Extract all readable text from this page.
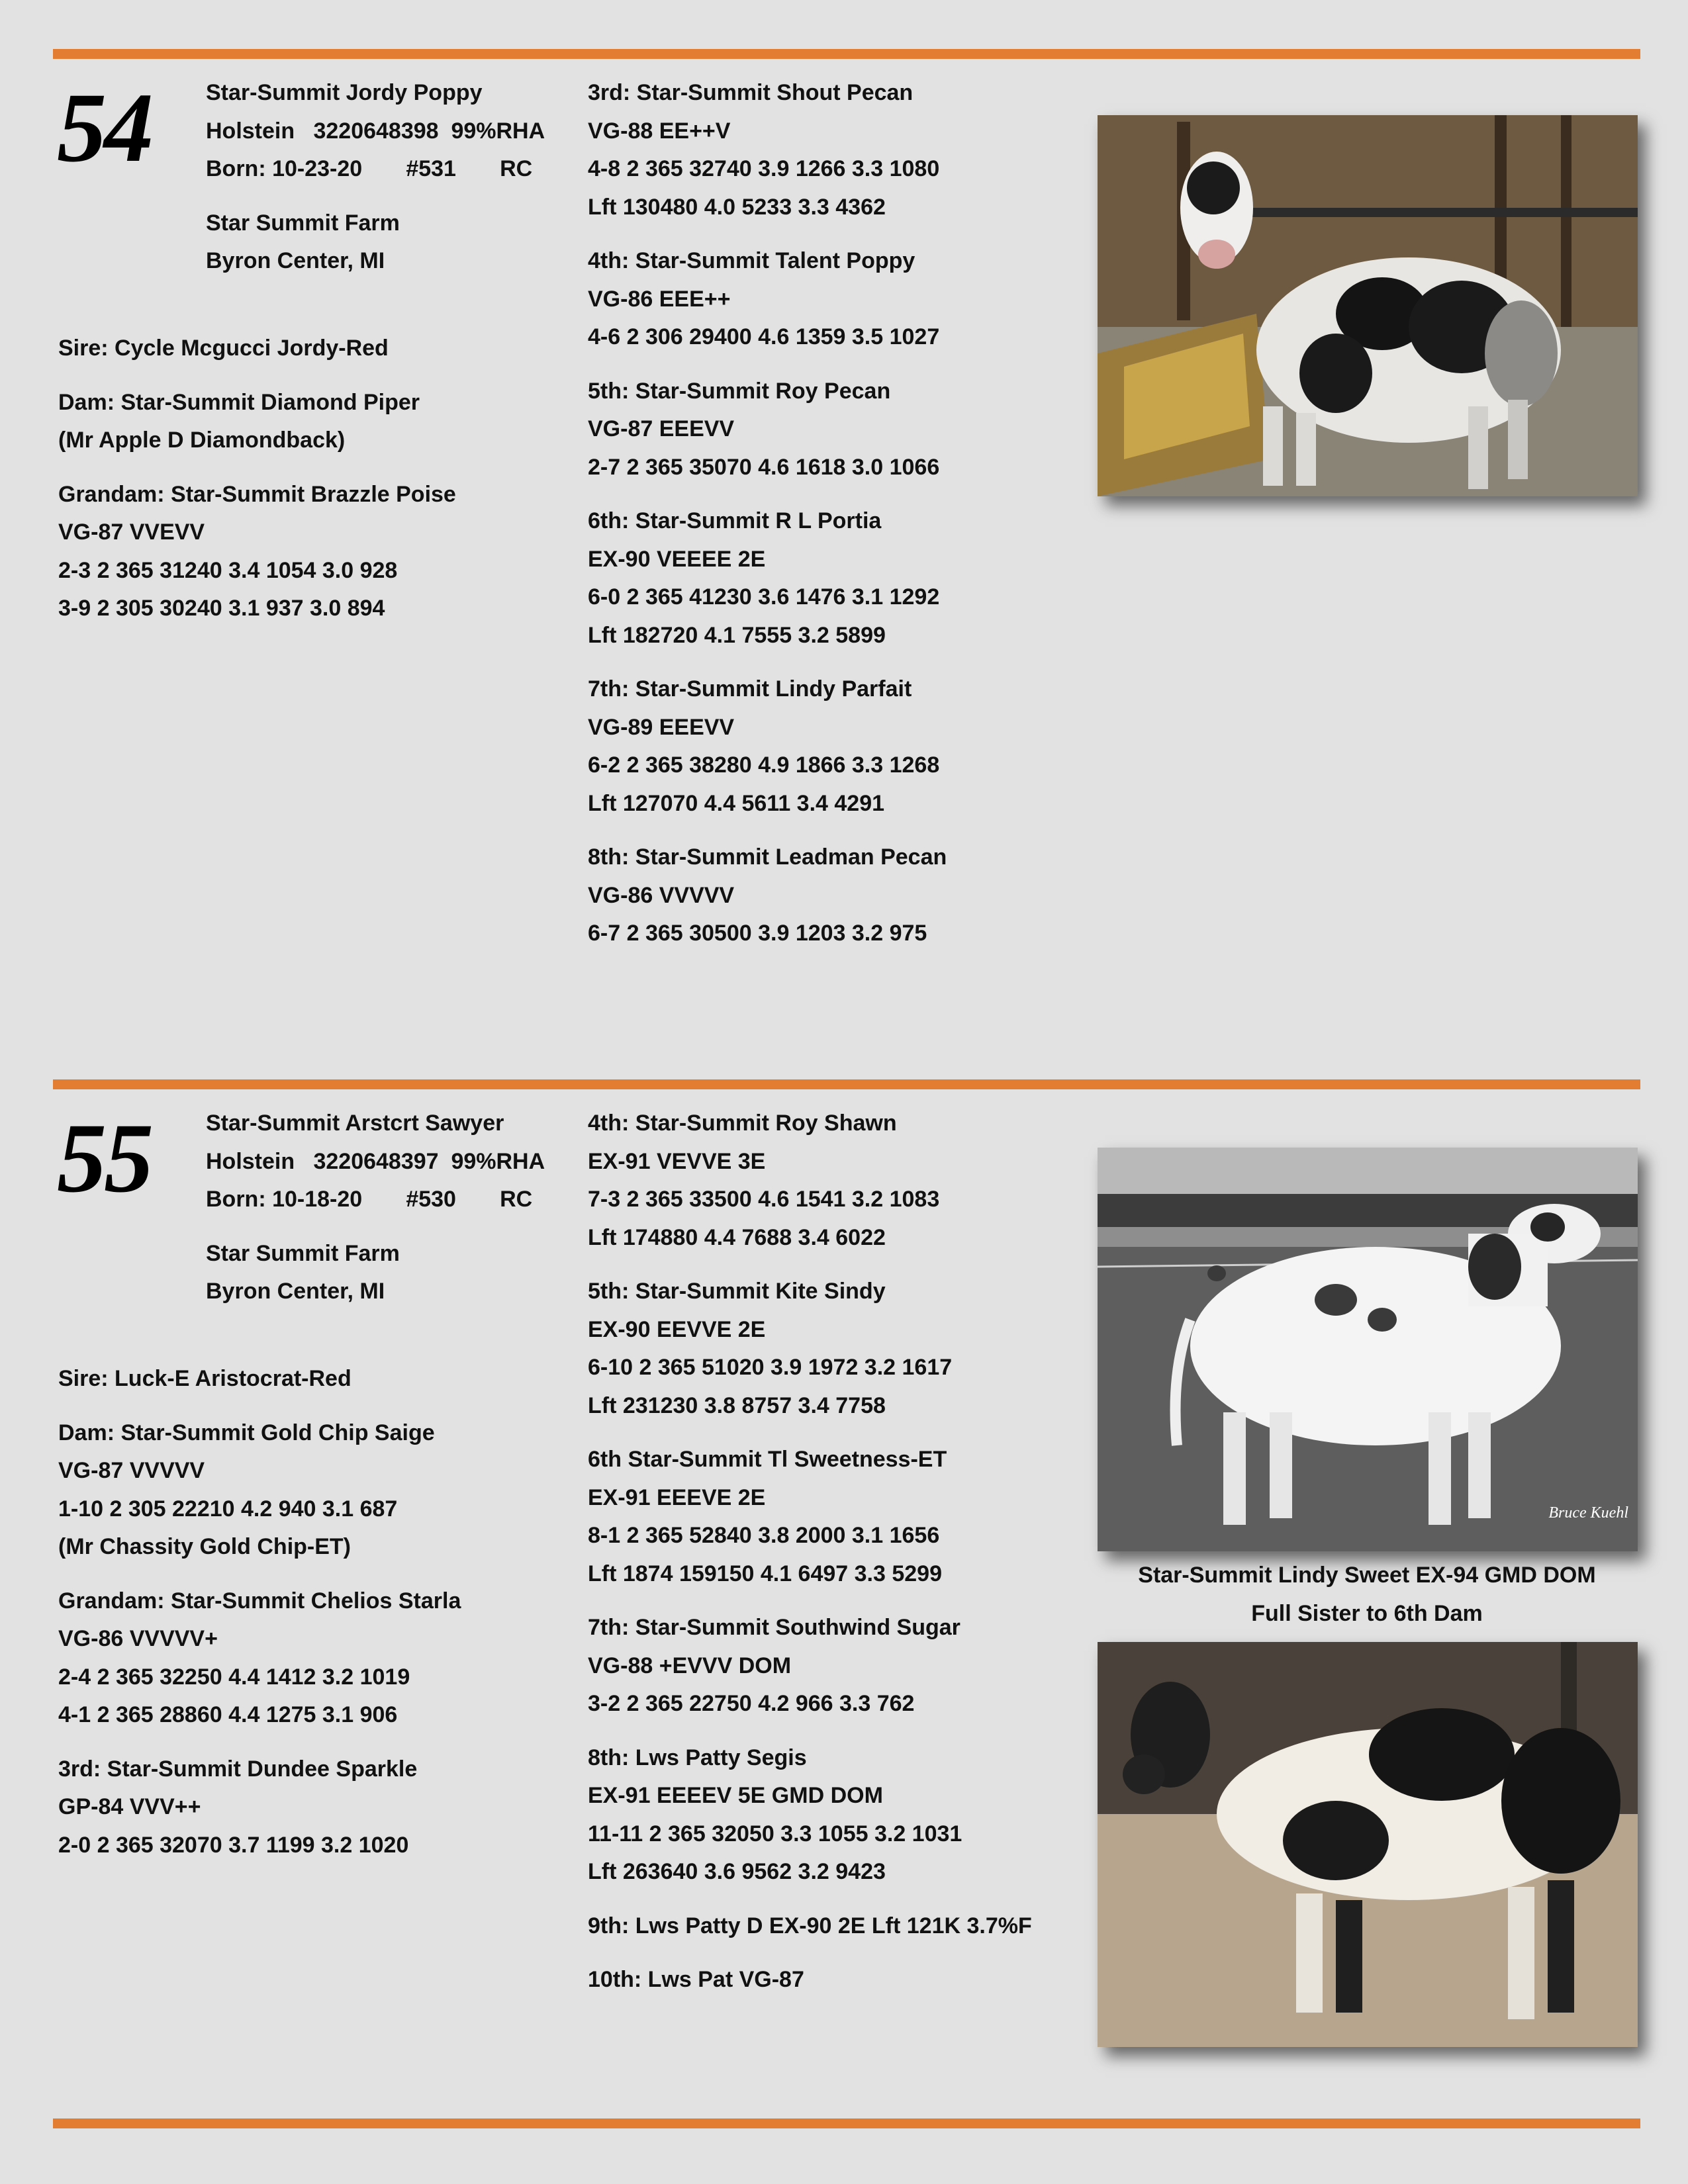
54	Star-Summit Jordy Poppy

Holstein   3220648398  99%RHA

Born: 10-23-20       #531       RC

Star Summit Farm

Byron Center, MI

Sire: Cycle Mcgucci Jordy-Red

Dam: Star-Summit Diamond Piper

(Mr Apple D Diamondback)

Grandam: Star-Summit Brazzle Poise

VG-87 VVEVV

2-3 2 365 31240 3.4 1054 3.0 928

3-9 2 305 30240 3.1 937 3.0 894

3rd: Star-Summit Shout Pecan

VG-88 EE++V

4-8 2 365 32740 3.9 1266 3.3 1080

Lft 130480 4.0 5233 3.3 4362

4th: Star-Summit Talent Poppy

VG-86 EEE++

4-6 2 306 29400 4.6 1359 3.5 1027

5th: Star-Summit Roy Pecan

VG-87 EEEVV

2-7 2 365 35070 4.6 1618 3.0 1066

6th: Star-Summit R L Portia

EX-90 VEEEE 2E

6-0 2 365 41230 3.6 1476 3.1 1292

Lft 182720 4.1 7555 3.2 5899

7th: Star-Summit Lindy Parfait

VG-89 EEEVV

6-2 2 365 38280 4.9 1866 3.3 1268

Lft 127070 4.4 5611 3.4 4291

8th: Star-Summit Leadman Pecan

VG-86 VVVVV

6-7 2 365 30500 3.9 1203 3.2 975

55	Star-Summit Arstcrt Sawyer

Holstein   3220648397  99%RHA

Born: 10-18-20       #530       RC

Star Summit Farm

Byron Center, MI

Sire: Luck-E Aristocrat-Red

Dam: Star-Summit Gold Chip Saige

VG-87 VVVVV

1-10 2 305 22210 4.2 940 3.1 687

(Mr Chassity Gold Chip-ET)

Grandam: Star-Summit Chelios Starla

VG-86 VVVVV+

2-4 2 365 32250 4.4 1412 3.2 1019

4-1 2 365 28860 4.4 1275 3.1 906

3rd: Star-Summit Dundee Sparkle

GP-84 VVV++

2-0 2 365 32070 3.7 1199 3.2 1020

4th: Star-Summit Roy Shawn

EX-91 VEVVE 3E

7-3 2 365 33500 4.6 1541 3.2 1083

Lft 174880 4.4 7688 3.4 6022

5th: Star-Summit Kite Sindy

EX-90 EEVVE 2E

6-10 2 365 51020 3.9 1972 3.2 1617

Lft 231230 3.8 8757 3.4 7758

6th Star-Summit Tl Sweetness-ET

EX-91 EEEVE 2E

8-1 2 365 52840 3.8 2000 3.1 1656

Lft 1874 159150 4.1 6497 3.3 5299

7th: Star-Summit Southwind Sugar

VG-88 +EVVV DOM

3-2 2 365 22750 4.2 966 3.3 762

8th: Lws Patty Segis

EX-91 EEEEV 5E GMD DOM

11-11 2 365 32050 3.3 1055 3.2 1031

Lft 263640 3.6 9562 3.2 9423

9th: Lws Patty D EX-90 2E Lft 121K 3.7%F

10th: Lws Pat VG-87

Bruce Kuehl
Star-Summit Lindy Sweet EX-94 GMD DOM
Full Sister to 6th Dam
